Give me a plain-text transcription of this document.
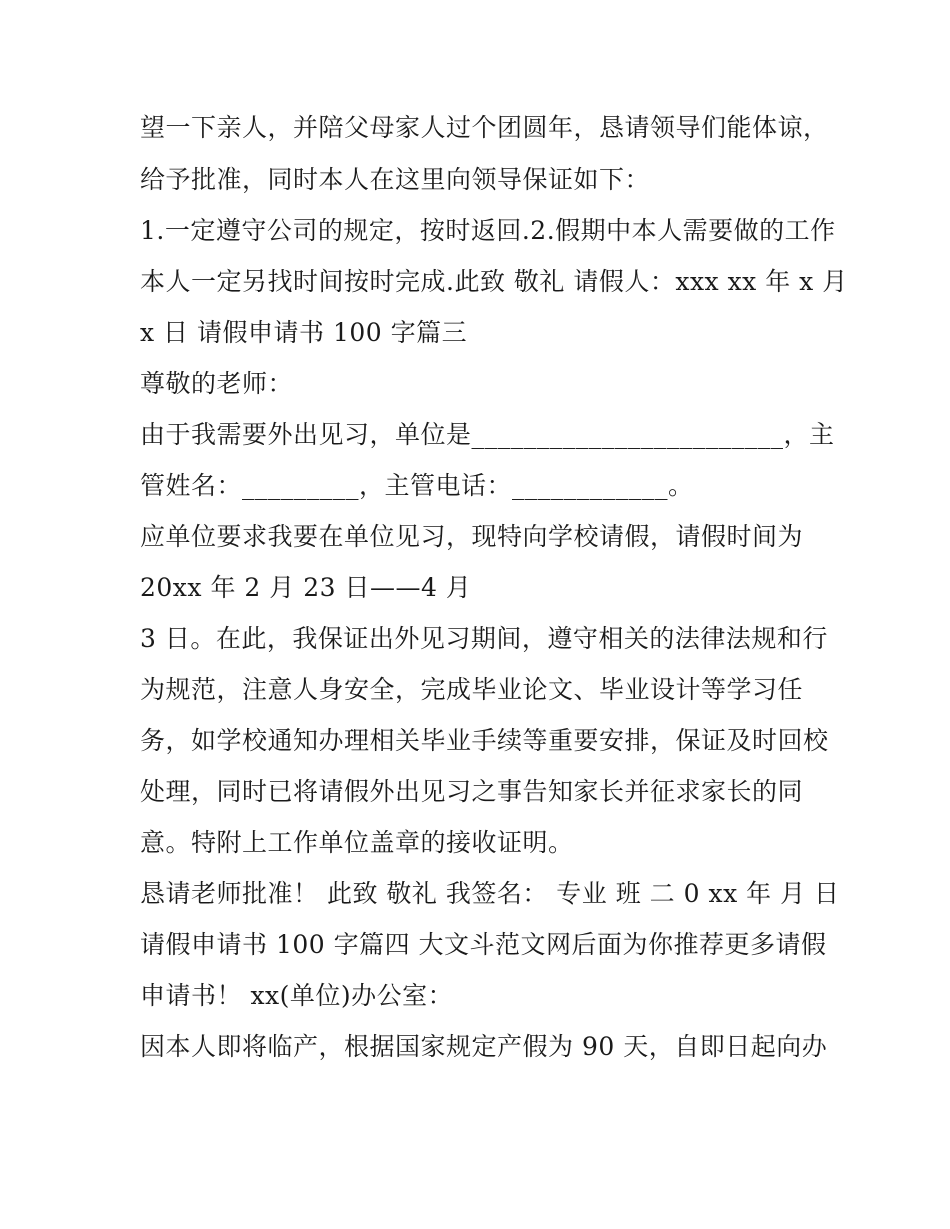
望一下亲人，并陪父母家人过个团圆年，恳请领导们能体谅，
给予批准，同时本人在这里向领导保证如下：
1.一定遵守公司的规定，按时返回.2.假期中本人需要做的工作
本人一定另找时间按时完成.此致 敬礼 请假人：xxx xx 年 x 月
x 日 请假申请书 100 字篇三
尊敬的老师：
由于我需要外出见习，单位是________________________，主
管姓名：_________，主管电话：____________。
应单位要求我要在单位见习，现特向学校请假，请假时间为
20xx 年 2 月 23 日——4 月
3 日。在此，我保证出外见习期间，遵守相关的法律法规和行
为规范，注意人身安全，完成毕业论文、毕业设计等学习任
务，如学校通知办理相关毕业手续等重要安排，保证及时回校
处理，同时已将请假外出见习之事告知家长并征求家长的同
意。特附上工作单位盖章的接收证明。
恳请老师批准！ 此致 敬礼 我签名： 专业 班 二 0 xx 年 月 日
请假申请书 100 字篇四 大文斗范文网后面为你推荐更多请假
申请书！ xx(单位)办公室：
因本人即将临产，根据国家规定产假为 90 天，自即日起向办
